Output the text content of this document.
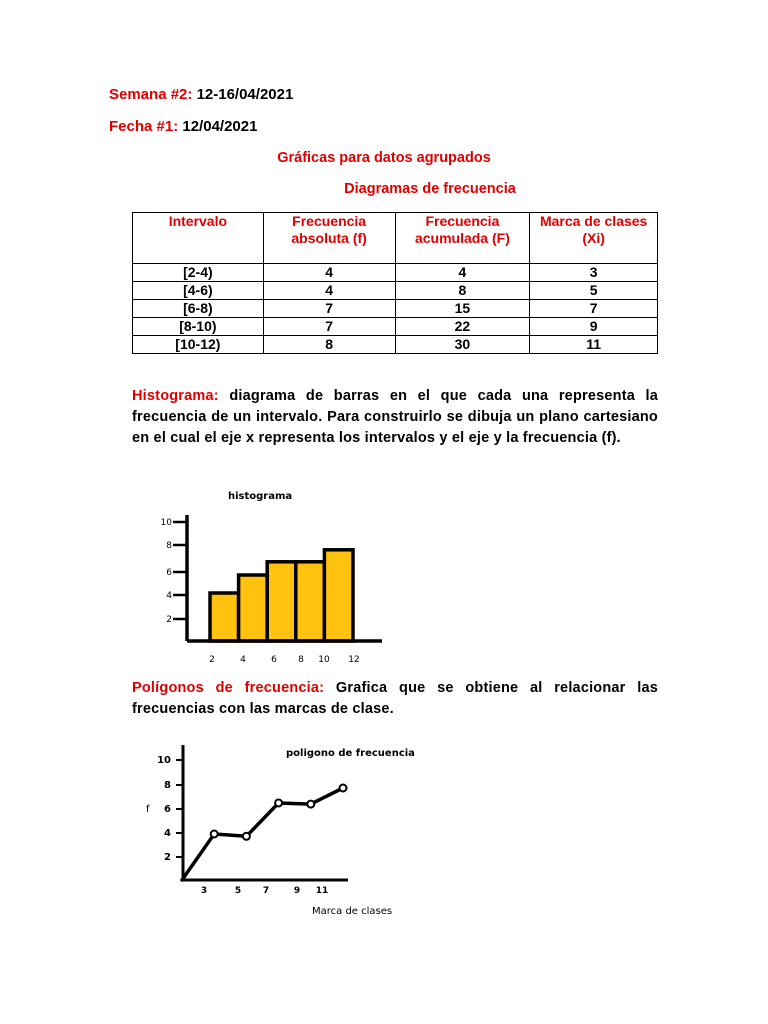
Semana #2: 12-16/04/2021
Fecha #1: 12/04/2021
Gráficas para datos agrupados
Diagramas de frecuencia
Intervalo	Frecuencia absoluta (f)	Frecuencia acumulada (F)	Marca de clases (Xi)
[2-4)	4	4	3
[4-6)	4	8	5
[6-8)	7	15	7
[8-10)	7	22	9
[10-12)	8	30	11
Histograma: diagrama de barras en el que cada una representa la frecuencia de un intervalo. Para construirlo se dibuja un plano cartesiano en el cual el eje x representa los intervalos y el eje y la frecuencia (f).
histograma
10
8
6
4
2
2	4	6 8 10 12
Polígonos de frecuencia: Grafica que se obtiene al relacionar las frecuencias con las marcas de clase.
poligono de frecuencia
f
Marca de clases
10
8
6
4
2
3	5 7	9 11
